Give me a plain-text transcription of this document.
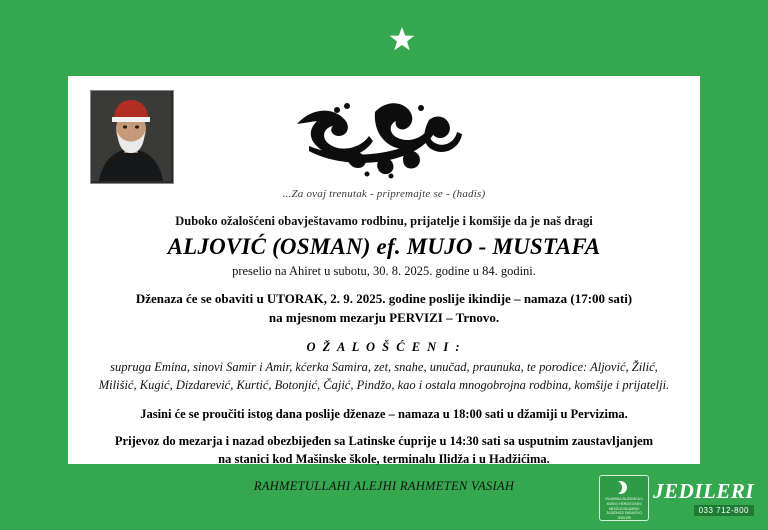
...Za ovaj trenutak - pripremajte se - (hadis)
Duboko ožalošćeni obavještavamo rodbinu, prijatelje i komšije da je naš dragi
ALJOVIĆ (OSMAN) ef. MUJO - MUSTAFA
preselio na Ahiret u subotu, 30. 8. 2025. godine u 84. godini.
Dženaza će se obaviti u UTORAK, 2. 9. 2025. godine poslije ikindije – namaza (17:00 sati)
na mjesnom mezarju PERVIZI – Trnovo.
O Ž A L O Š Ć E N I :
supruga Emina, sinovi Samir i Amir, kćerka Samira, zet, snahe, unučad, praunuka, te porodice: Aljović, Žilić, Milišić, Kugić, Dizdarević, Kurtić, Botonjić, Čajić, Pindžo, kao i ostala mnogobrojna rodbina, komšije i prijatelji.
Jasini će se proučiti istog dana poslije dženaze – namaza u 18:00 sati u džamiji u Pervizima.
Prijevoz do mezarja i nazad obezbijeđen sa Latinske ćuprije u 14:30 sati sa usputnim zaustavljanjem
na stanici kod Mašinske škole, terminalu Ilidža i u Hadžićima.
RAHMETULLAHI ALEJHI RAHMETEN VASIAH
ISLAMSKA ZAJEDNICA U BOSNI I HERCEGOVINI MEDŽLIS ISLAMSKE ZAJEDNICE SARAJEVO JEDILERI
JEDILERI
033 712-800
